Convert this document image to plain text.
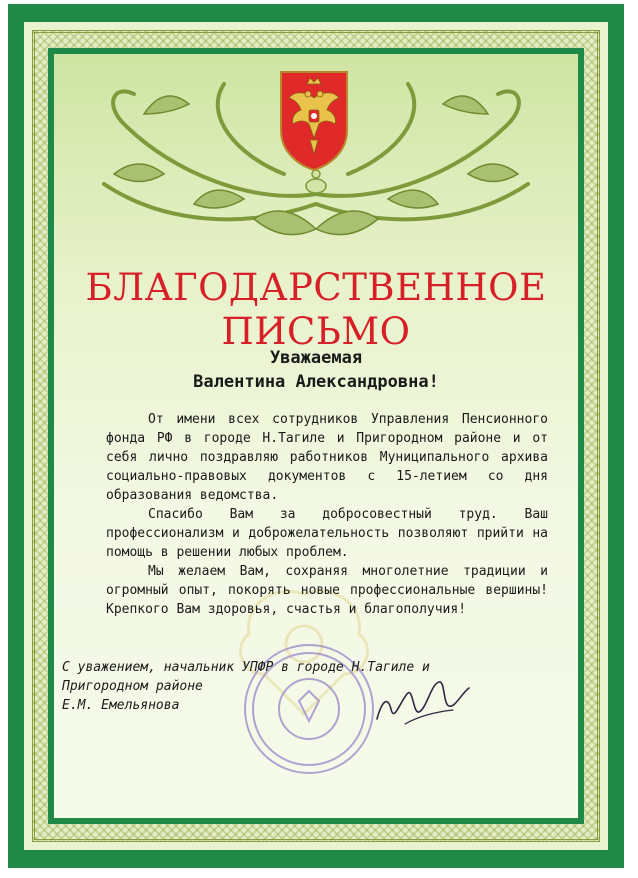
БЛАГОДАРСТВЕННОЕ
ПИСЬМО
Уважаемая
Валентина Александровна!

От имени всех сотрудников Управления Пенсионного фонда РФ в городе Н.Тагиле и Пригородном районе и от себя лично поздравляю работников Муниципального архива социально-правовых документов с 15-летием со дня образования ведомства.

Спасибо Вам за добросовестный труд. Ваш профессионализм и доброжелательность позволяют прийти на помощь в решении любых проблем.

Мы желаем Вам, сохраняя многолетние традиции и огромный опыт, покорять новые профессиональные вершины! Крепкого Вам здоровья, счастья и благополучия!

С уважением, начальник УПФР в городе Н.Тагиле и
Пригородном районе
Е.М. Емельянова
